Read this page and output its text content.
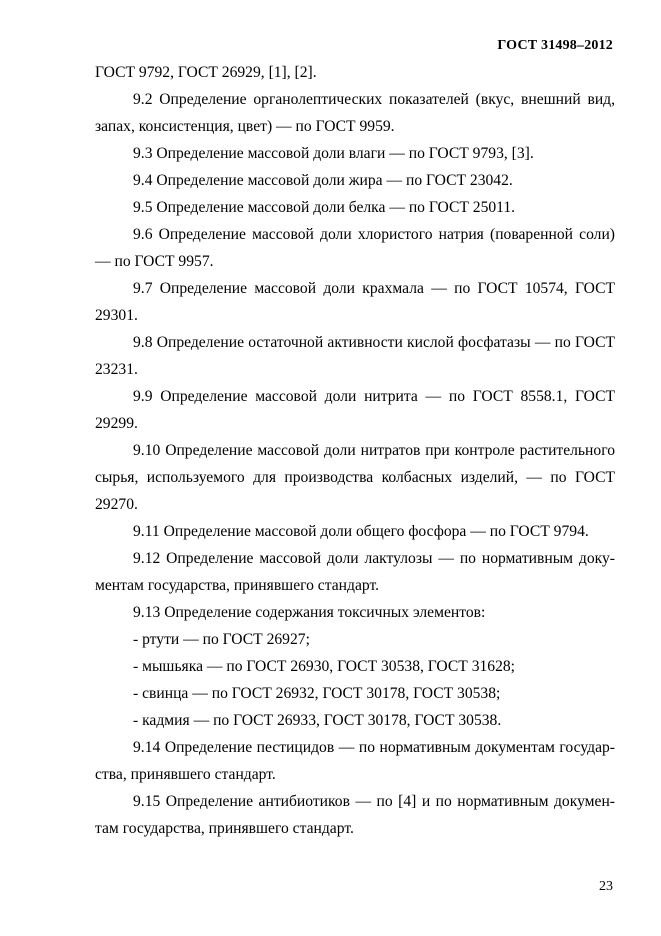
ГОСТ 31498–2012

ГОСТ 9792, ГОСТ 26929, [1], [2].

9.2 Определение органолептических показателей (вкус, внешний вид, запах, консистенция, цвет) — по ГОСТ 9959.

9.3 Определение массовой доли влаги — по ГОСТ 9793, [3].

9.4 Определение массовой доли жира — по ГОСТ 23042.

9.5 Определение массовой доли белка — по ГОСТ 25011.

9.6 Определение массовой доли хлористого натрия (поваренной соли) — по ГОСТ 9957.

9.7 Определение массовой доли крахмала — по ГОСТ 10574, ГОСТ 29301.

9.8 Определение остаточной активности кислой фосфатазы — по ГОСТ 23231.

9.9 Определение массовой доли нитрита — по ГОСТ 8558.1, ГОСТ 29299.

9.10 Определение массовой доли нитратов при контроле растительного сырья, используемого для производства колбасных изделий, — по ГОСТ 29270.

9.11 Определение массовой доли общего фосфора — по ГОСТ 9794.

9.12 Определение массовой доли лактулозы — по нормативным доку- ментам государства, принявшего стандарт.

9.13 Определение содержания токсичных элементов:

- ртути — по ГОСТ 26927;

- мышьяка — по ГОСТ 26930, ГОСТ 30538, ГОСТ 31628;

- свинца — по ГОСТ 26932, ГОСТ 30178, ГОСТ 30538;

- кадмия — по ГОСТ 26933, ГОСТ 30178, ГОСТ 30538.

9.14 Определение пестицидов — по нормативным документам государ- ства, принявшего стандарт.

9.15 Определение антибиотиков — по [4] и по нормативным докумен- там государства, принявшего стандарт.

23
